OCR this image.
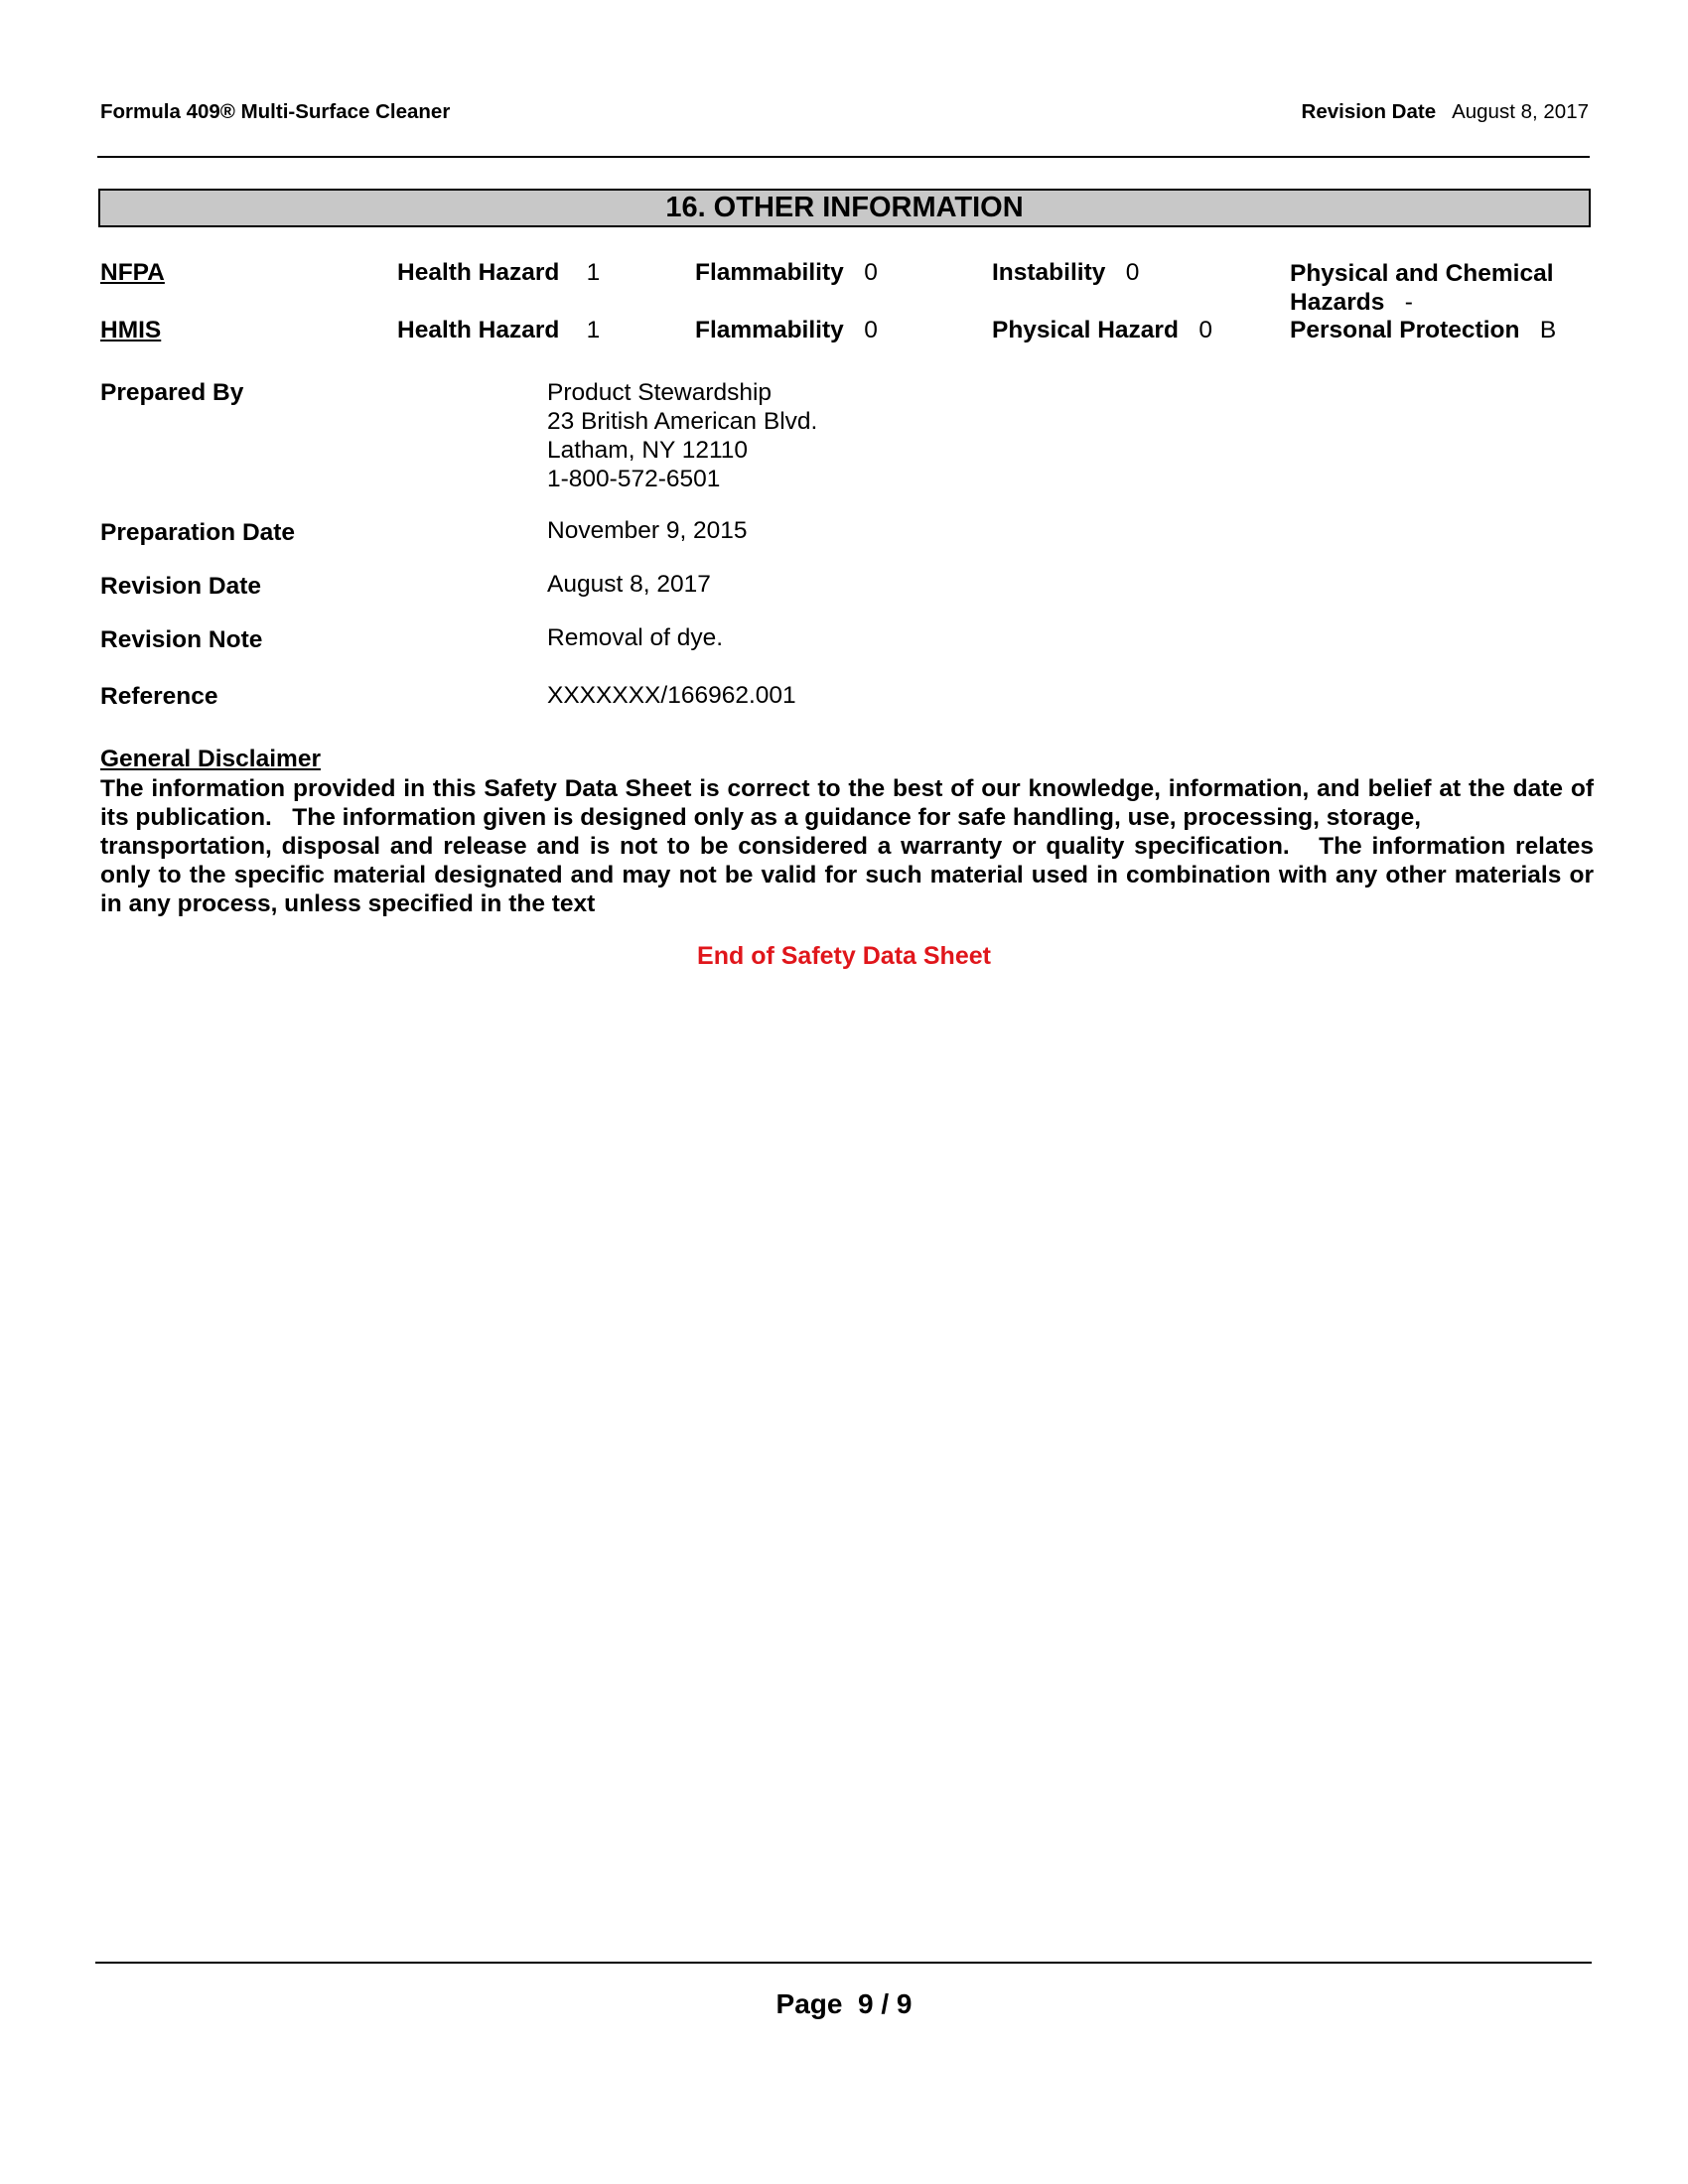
Formula 409® Multi-Surface Cleaner	Revision Date August 8, 2017
16. OTHER INFORMATION
NFPA	Health Hazard 1	Flammability 0	Instability 0	Physical and Chemical
Hazards -
HMIS	Health Hazard 1	Flammability 0	Physical Hazard 0	Personal Protection B
Prepared By	Product Stewardship
23 British American Blvd.
Latham, NY 12110
1-800-572-6501
Preparation Date	November 9, 2015
Revision Date	August 8, 2017
Revision Note	Removal of dye.
Reference	XXXXXXX/166962.001
General Disclaimer
The information provided in this Safety Data Sheet is correct to the best of our knowledge, information, and belief at the date of
its publication.   The information given is designed only as a guidance for safe handling, use, processing, storage,
transportation, disposal and release and is not to be considered a warranty or quality specification.   The information relates
only to the specific material designated and may not be valid for such material used in combination with any other materials or
in any process, unless specified in the text
End of Safety Data Sheet
Page  9 / 9
